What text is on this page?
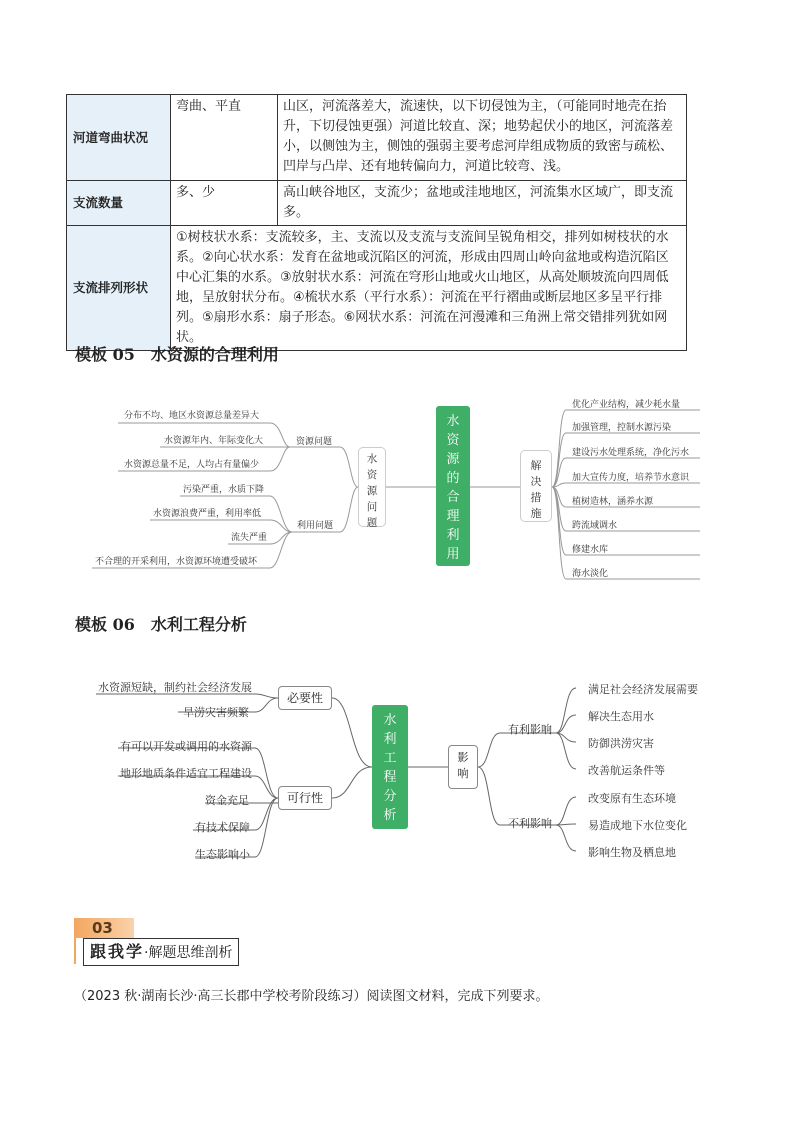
河道弯曲状况	弯曲、平直	山区，河流落差大，流速快，以下切侵蚀为主，（可能同时地壳在抬升，下切侵蚀更强）河道比较直、深；地势起伏小的地区，河流落差小，以侧蚀为主，侧蚀的强弱主要考虑河岸组成物质的致密与疏松、凹岸与凸岸、还有地转偏向力，河道比较弯、浅。
支流数量	多、少	高山峡谷地区，支流少；盆地或洼地地区，河流集水区域广，即支流多。
支流排列形状	①树枝状水系：支流较多，主、支流以及支流与支流间呈锐角相交，排列如树枝状的水系。②向心状水系：发育在盆地或沉陷区的河流，形成由四周山岭向盆地或构造沉陷区中心汇集的水系。③放射状水系：河流在穹形山地或火山地区，从高处顺坡流向四周低地，呈放射状分布。④梳状水系（平行水系）：河流在平行褶曲或断层地区多呈平行排列。⑤扇形水系：扇子形态。⑥网状水系：河流在河漫滩和三角洲上常交错排列犹如网状。	
模板 05　水资源的合理利用
分布不均、地区水资源总量差异大
水资源年内、年际变化大
水资源总量不足，人均占有量偏少
污染严重，水质下降
水资源浪费严重，利用率低
流失严重
不合理的开采利用，水资源环境遭受破坏
资源问题
利用问题
水资源问题
水资源的合理利用
解决措施
优化产业结构，减少耗水量
加强管理，控制水源污染
建设污水处理系统，净化污水
加大宣传力度，培养节水意识
植树造林，涵养水源
跨流域调水
修建水库
海水淡化
模板 06　水利工程分析
水资源短缺，制约社会经济发展
旱涝灾害频繁
必要性
有可以开发或调用的水资源
地形地质条件适宜工程建设
资金充足
有技术保障
生态影响小
可行性
水利工程分析
影响
有利影响
不利影响
满足社会经济发展需要
解决生态用水
防御洪涝灾害
改善航运条件等
改变原有生态环境
易造成地下水位变化
影响生物及栖息地
03
跟我学·解题思维剖析
（2023 秋·湖南长沙·高三长郡中学校考阶段练习）阅读图文材料，完成下列要求。
